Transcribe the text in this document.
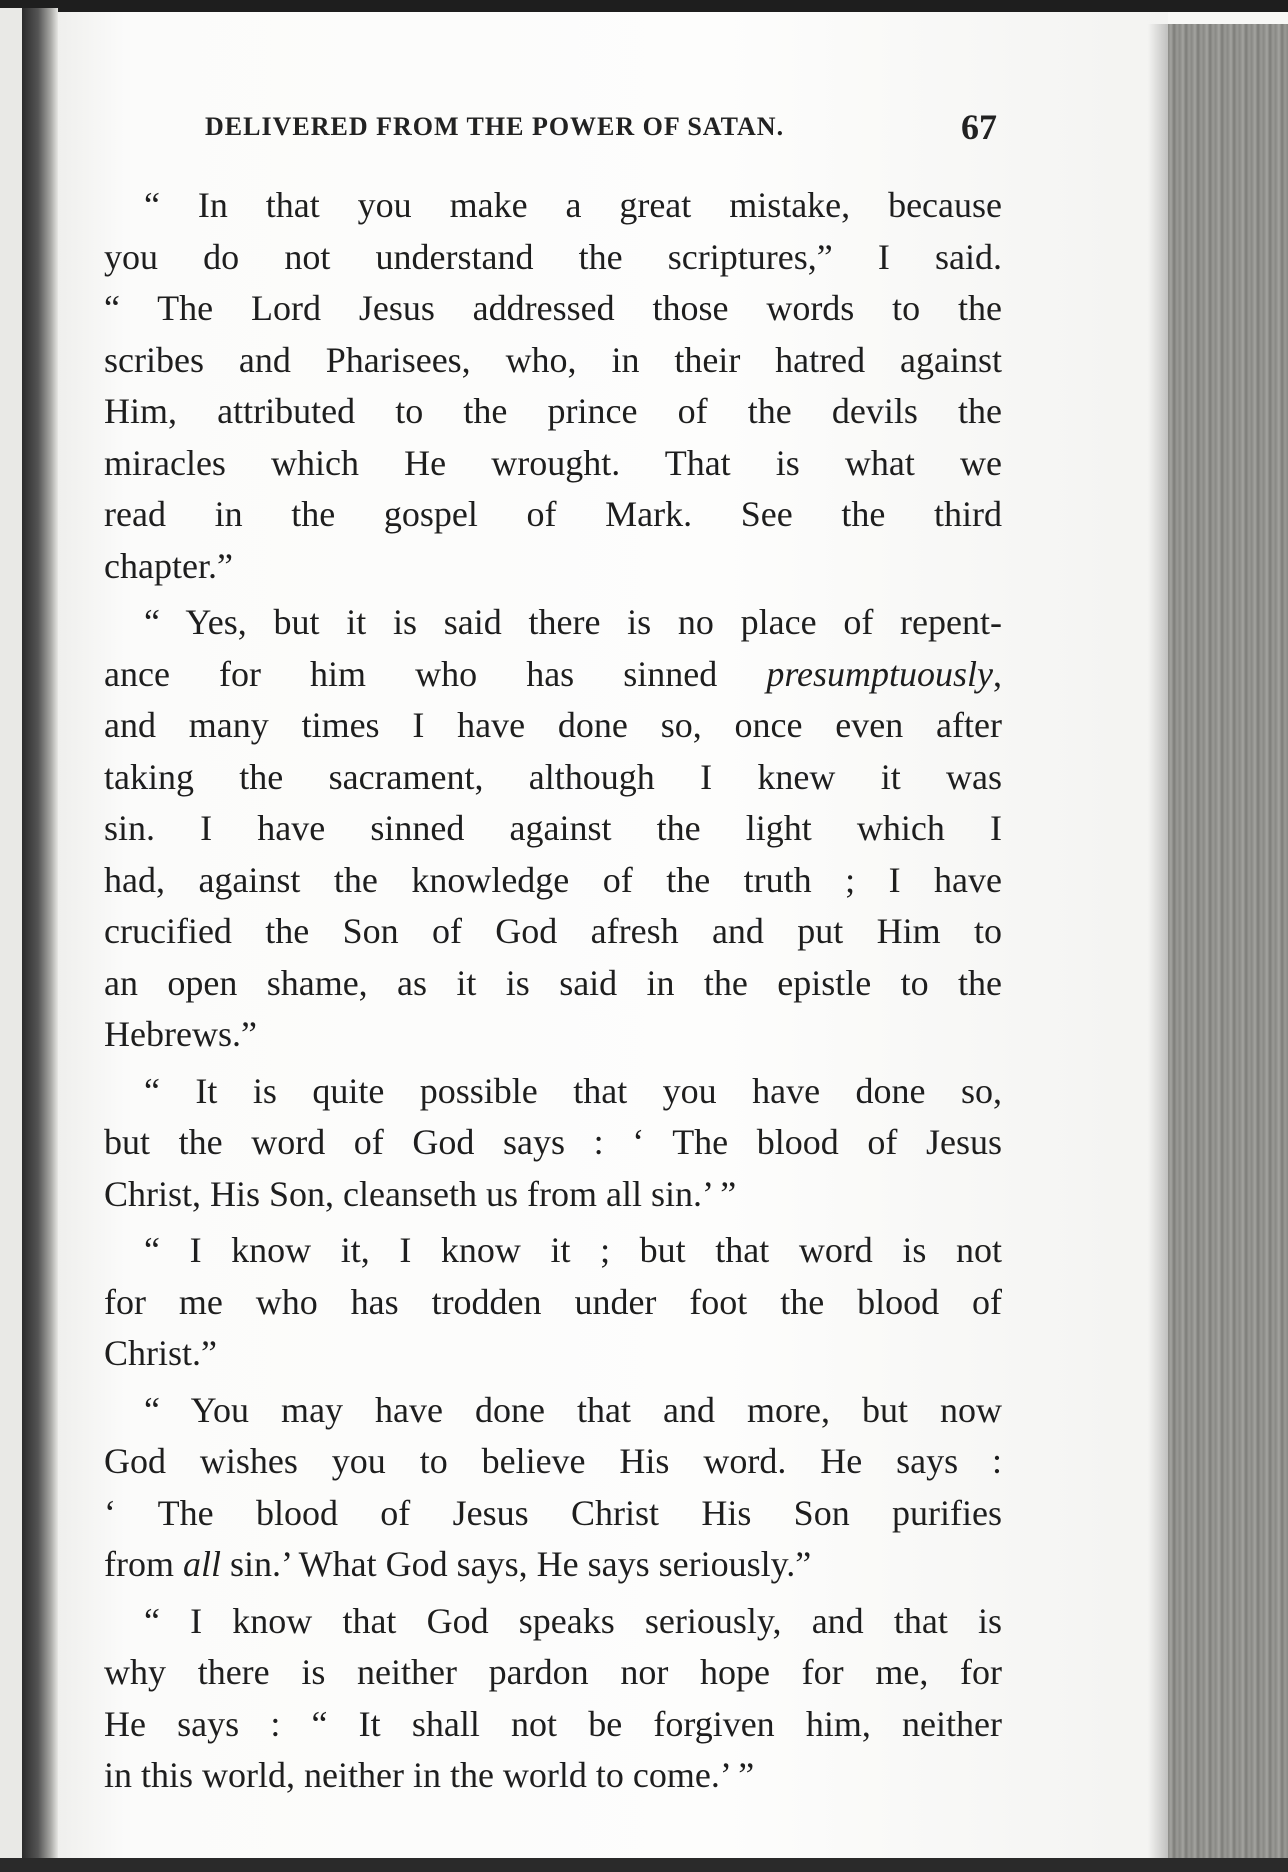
DELIVERED FROM THE POWER OF SATAN.	67
“ In that you make a great mistake, because
you do not understand the scriptures,” I said.
“ The Lord Jesus addressed those words to the
scribes and Pharisees, who, in their hatred against
Him, attributed to the prince of the devils the
miracles which He wrought. That is what we
read in the gospel of Mark. See the third
chapter.”
“ Yes, but it is said there is no place of repent-
ance for him who has sinned presumptuously,
and many times I have done so, once even after
taking the sacrament, although I knew it was
sin. I have sinned against the light which I
had, against the knowledge of the truth ; I have
crucified the Son of God afresh and put Him to
an open shame, as it is said in the epistle to the
Hebrews.”
“ It is quite possible that you have done so,
but the word of God says : ‘ The blood of Jesus
Christ, His Son, cleanseth us from all sin.’ ”
“ I know it, I know it ; but that word is not
for me who has trodden under foot the blood of
Christ.”
“ You may have done that and more, but now
God wishes you to believe His word. He says :
‘ The blood of Jesus Christ His Son purifies
from all sin.’ What God says, He says seriously.”
“ I know that God speaks seriously, and that is
why there is neither pardon nor hope for me, for
He says : “ It shall not be forgiven him, neither
in this world, neither in the world to come.’ ”
